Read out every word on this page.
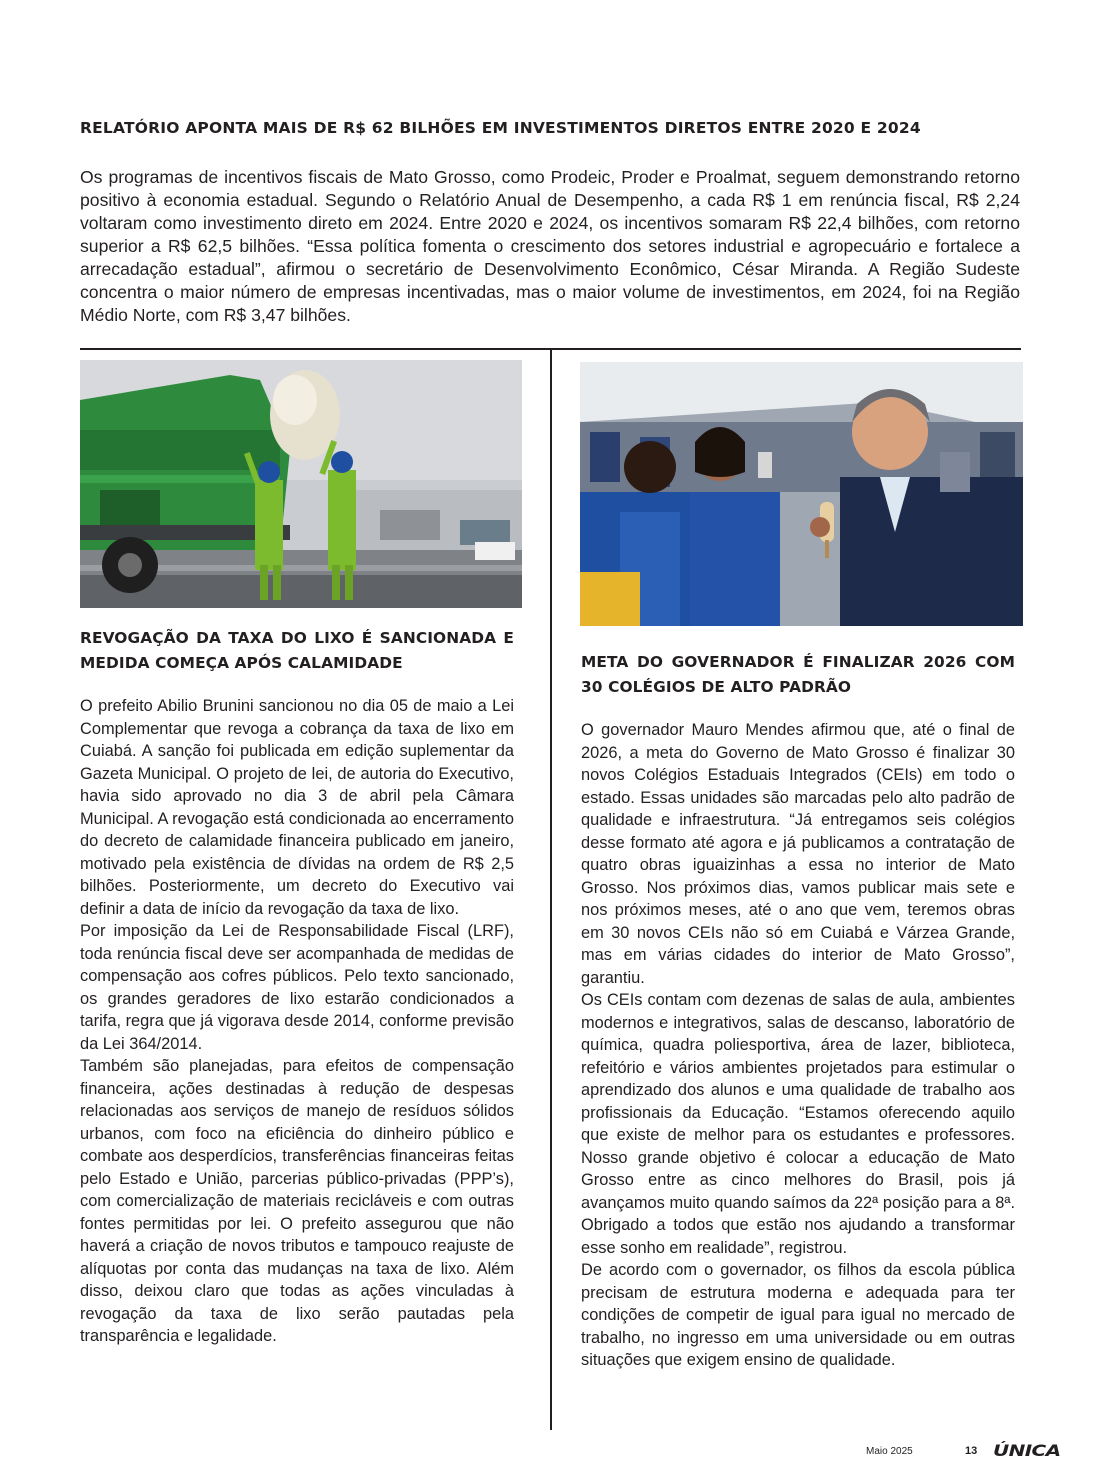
RELATÓRIO APONTA MAIS DE R$ 62 BILHÕES EM INVESTIMENTOS DIRETOS ENTRE 2020 E 2024

Os programas de incentivos fiscais de Mato Grosso, como Prodeic, Proder e Proalmat, seguem demonstrando retorno positivo à economia estadual. Segundo o Relatório Anual de Desempenho, a cada R$ 1 em renúncia fiscal, R$ 2,24 voltaram como investimento direto em 2024. Entre 2020 e 2024, os incentivos somaram R$ 22,4 bilhões, com retorno superior a R$ 62,5 bilhões. “Essa política fomenta o crescimento dos setores industrial e agropecuário e fortalece a arrecadação estadual”, afirmou o secretário de Desenvolvimento Econômico, César Miranda. A Região Sudeste concentra o maior número de empresas incentivadas, mas o maior volume de investimentos, em 2024, foi na Região Médio Norte, com R$ 3,47 bilhões.

REVOGAÇÃO DA TAXA DO LIXO É SANCIONADA E MEDIDA COMEÇA APÓS CALAMIDADE

O prefeito Abilio Brunini sancionou no dia 05 de maio a Lei Complementar que revoga a cobrança da taxa de lixo em Cuiabá. A sanção foi publicada em edição suplementar da Gazeta Municipal. O projeto de lei, de autoria do Executivo, havia sido aprovado no dia 3 de abril pela Câmara Municipal. A revogação está condicionada ao encerramento do decreto de calamidade financeira publicado em janeiro, motivado pela existência de dívidas na ordem de R$ 2,5 bilhões. Posteriormente, um decreto do Executivo vai definir a data de início da revogação da taxa de lixo.

Por imposição da Lei de Responsabilidade Fiscal (LRF), toda renúncia fiscal deve ser acompanhada de medidas de compensação aos cofres públicos. Pelo texto sancionado, os grandes geradores de lixo estarão condicionados a tarifa, regra que já vigorava desde 2014, conforme previsão da Lei 364/2014.

Também são planejadas, para efeitos de compensação financeira, ações destinadas à redução de despesas relacionadas aos serviços de manejo de resíduos sólidos urbanos, com foco na eficiência do dinheiro público e combate aos desperdícios, transferências financeiras feitas pelo Estado e União, parcerias público-privadas (PPP’s), com comercialização de materiais recicláveis e com outras fontes permitidas por lei. O prefeito assegurou que não haverá a criação de novos tributos e tampouco reajuste de alíquotas por conta das mudanças na taxa de lixo. Além disso, deixou claro que todas as ações vinculadas à revogação da taxa de lixo serão pautadas pela transparência e legalidade.

META DO GOVERNADOR É FINALIZAR 2026 COM 30 COLÉGIOS DE ALTO PADRÃO

O governador Mauro Mendes afirmou que, até o final de 2026, a meta do Governo de Mato Grosso é finalizar 30 novos Colégios Estaduais Integrados (CEIs) em todo o estado. Essas unidades são marcadas pelo alto padrão de qualidade e infraestrutura. “Já entregamos seis colégios desse formato até agora e já publicamos a contratação de quatro obras iguaizinhas a essa no interior de Mato Grosso. Nos próximos dias, vamos publicar mais sete e nos próximos meses, até o ano que vem, teremos obras em 30 novos CEIs não só em Cuiabá e Várzea Grande, mas em várias cidades do interior de Mato Grosso”, garantiu.

Os CEIs contam com dezenas de salas de aula, ambientes modernos e integrativos, salas de descanso, laboratório de química, quadra poliesportiva, área de lazer, biblioteca, refeitório e vários ambientes projetados para estimular o aprendizado dos alunos e uma qualidade de trabalho aos profissionais da Educação. “Estamos oferecendo aquilo que existe de melhor para os estudantes e professores. Nosso grande objetivo é colocar a educação de Mato Grosso entre as cinco melhores do Brasil, pois já avançamos muito quando saímos da 22ª posição para a 8ª. Obrigado a todos que estão nos ajudando a transformar esse sonho em realidade”, registrou.

De acordo com o governador, os filhos da escola pública precisam de estrutura moderna e adequada para ter condições de competir de igual para igual no mercado de trabalho, no ingresso em uma universidade ou em outras situações que exigem ensino de qualidade.

Maio 2025	13 ÚNICA
